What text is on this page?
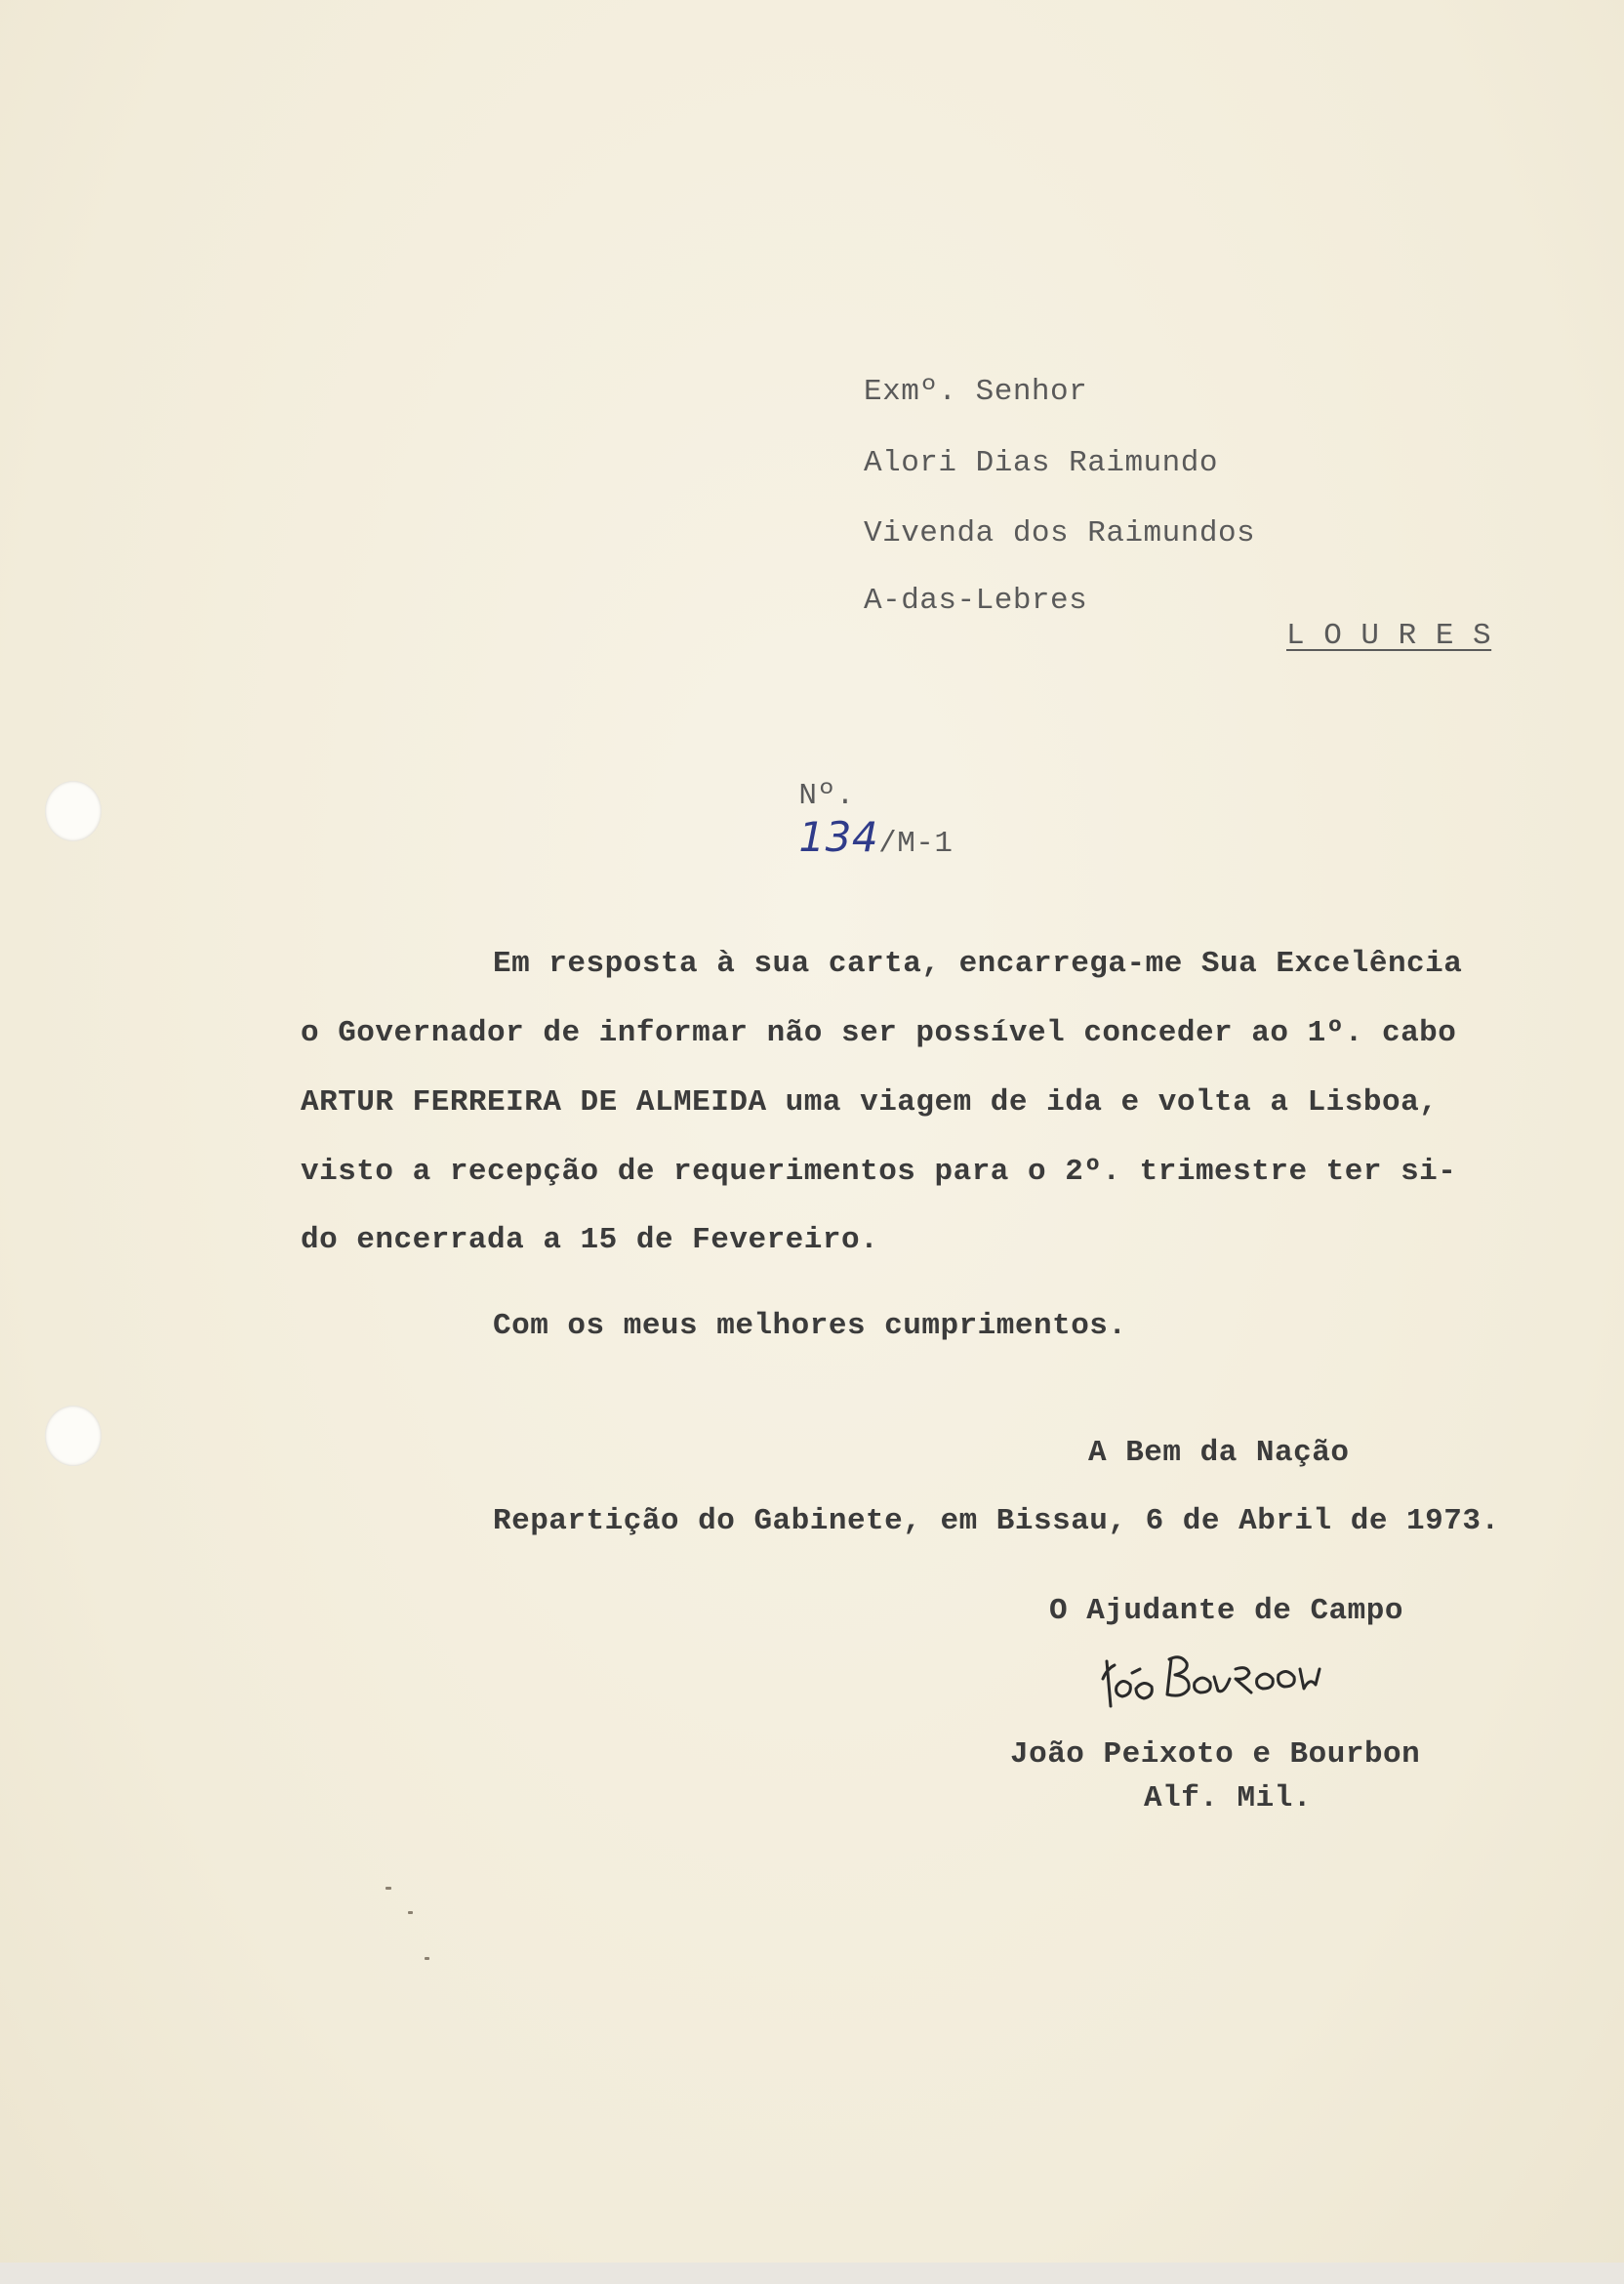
Exmº. Senhor
Alori Dias Raimundo
Vivenda dos Raimundos
A-das-Lebres
L O U R E S

Nº.
134/M-1

Em resposta à sua carta, encarrega-me Sua Excelência
o Governador de informar não ser possível conceder ao 1º. cabo
ARTUR FERREIRA DE ALMEIDA uma viagem de ida e volta a Lisboa,
visto a recepção de requerimentos para o 2º. trimestre ter si-
do encerrada a 15 de Fevereiro.
Com os meus melhores cumprimentos.
A Bem da Nação
Repartição do Gabinete, em Bissau, 6 de Abril de 1973.
O Ajudante de Campo
João Peixoto e Bourbon
Alf. Mil.
